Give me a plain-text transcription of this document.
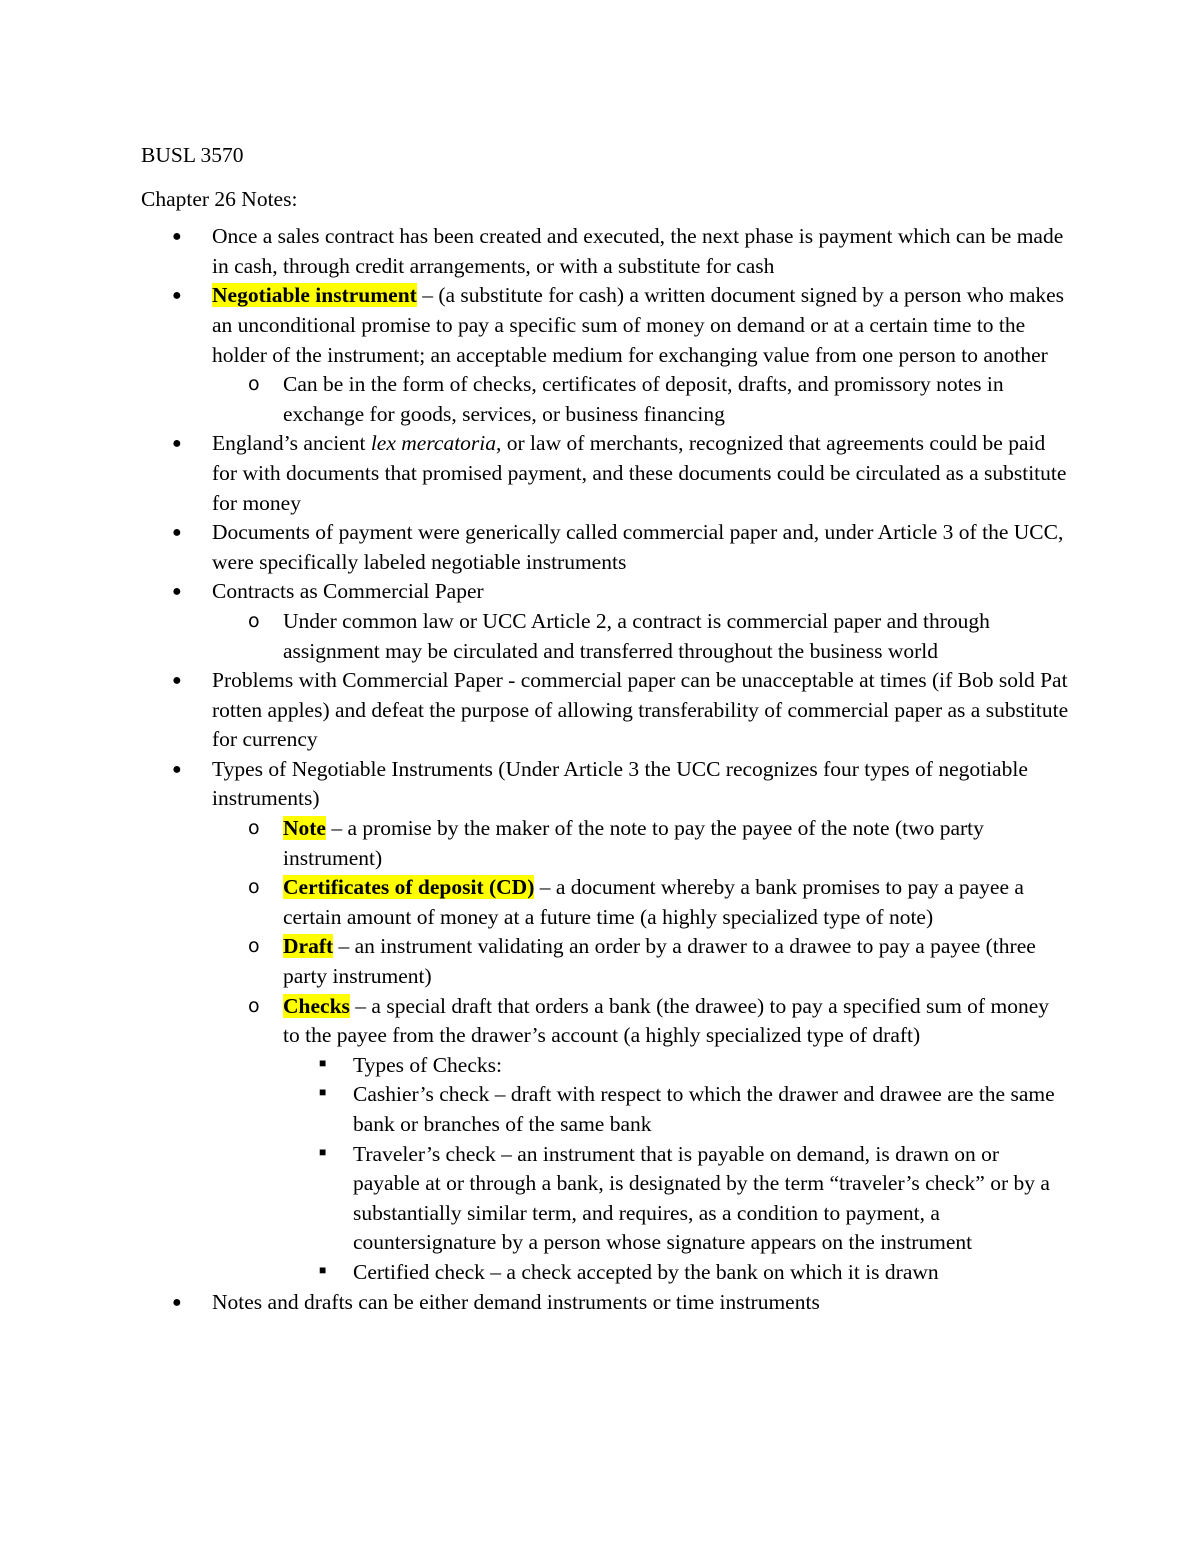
BUSL 3570

Chapter 26 Notes:

● Once a sales contract has been created and executed, the next phase is payment which can be made in cash, through credit arrangements, or with a substitute for cash
● Negotiable instrument – (a substitute for cash) a written document signed by a person who makes an unconditional promise to pay a specific sum of money on demand or at a certain time to the holder of the instrument; an acceptable medium for exchanging value from one person to another
o Can be in the form of checks, certificates of deposit, drafts, and promissory notes in exchange for goods, services, or business financing
● England’s ancient lex mercatoria, or law of merchants, recognized that agreements could be paid for with documents that promised payment, and these documents could be circulated as a substitute for money
● Documents of payment were generically called commercial paper and, under Article 3 of the UCC, were specifically labeled negotiable instruments
● Contracts as Commercial Paper
o Under common law or UCC Article 2, a contract is commercial paper and through assignment may be circulated and transferred throughout the business world
● Problems with Commercial Paper - commercial paper can be unacceptable at times (if Bob sold Pat rotten apples) and defeat the purpose of allowing transferability of commercial paper as a substitute for currency
● Types of Negotiable Instruments (Under Article 3 the UCC recognizes four types of negotiable instruments)
o Note – a promise by the maker of the note to pay the payee of the note (two party instrument)
o Certificates of deposit (CD) – a document whereby a bank promises to pay a payee a certain amount of money at a future time (a highly specialized type of note)
o Draft – an instrument validating an order by a drawer to a drawee to pay a payee (three party instrument)
o Checks – a special draft that orders a bank (the drawee) to pay a specified sum of money to the payee from the drawer’s account (a highly specialized type of draft)
■ Types of Checks:
■ Cashier’s check – draft with respect to which the drawer and drawee are the same bank or branches of the same bank
■ Traveler’s check – an instrument that is payable on demand, is drawn on or payable at or through a bank, is designated by the term “traveler’s check” or by a substantially similar term, and requires, as a condition to payment, a countersignature by a person whose signature appears on the instrument
■ Certified check – a check accepted by the bank on which it is drawn
● Notes and drafts can be either demand instruments or time instruments
